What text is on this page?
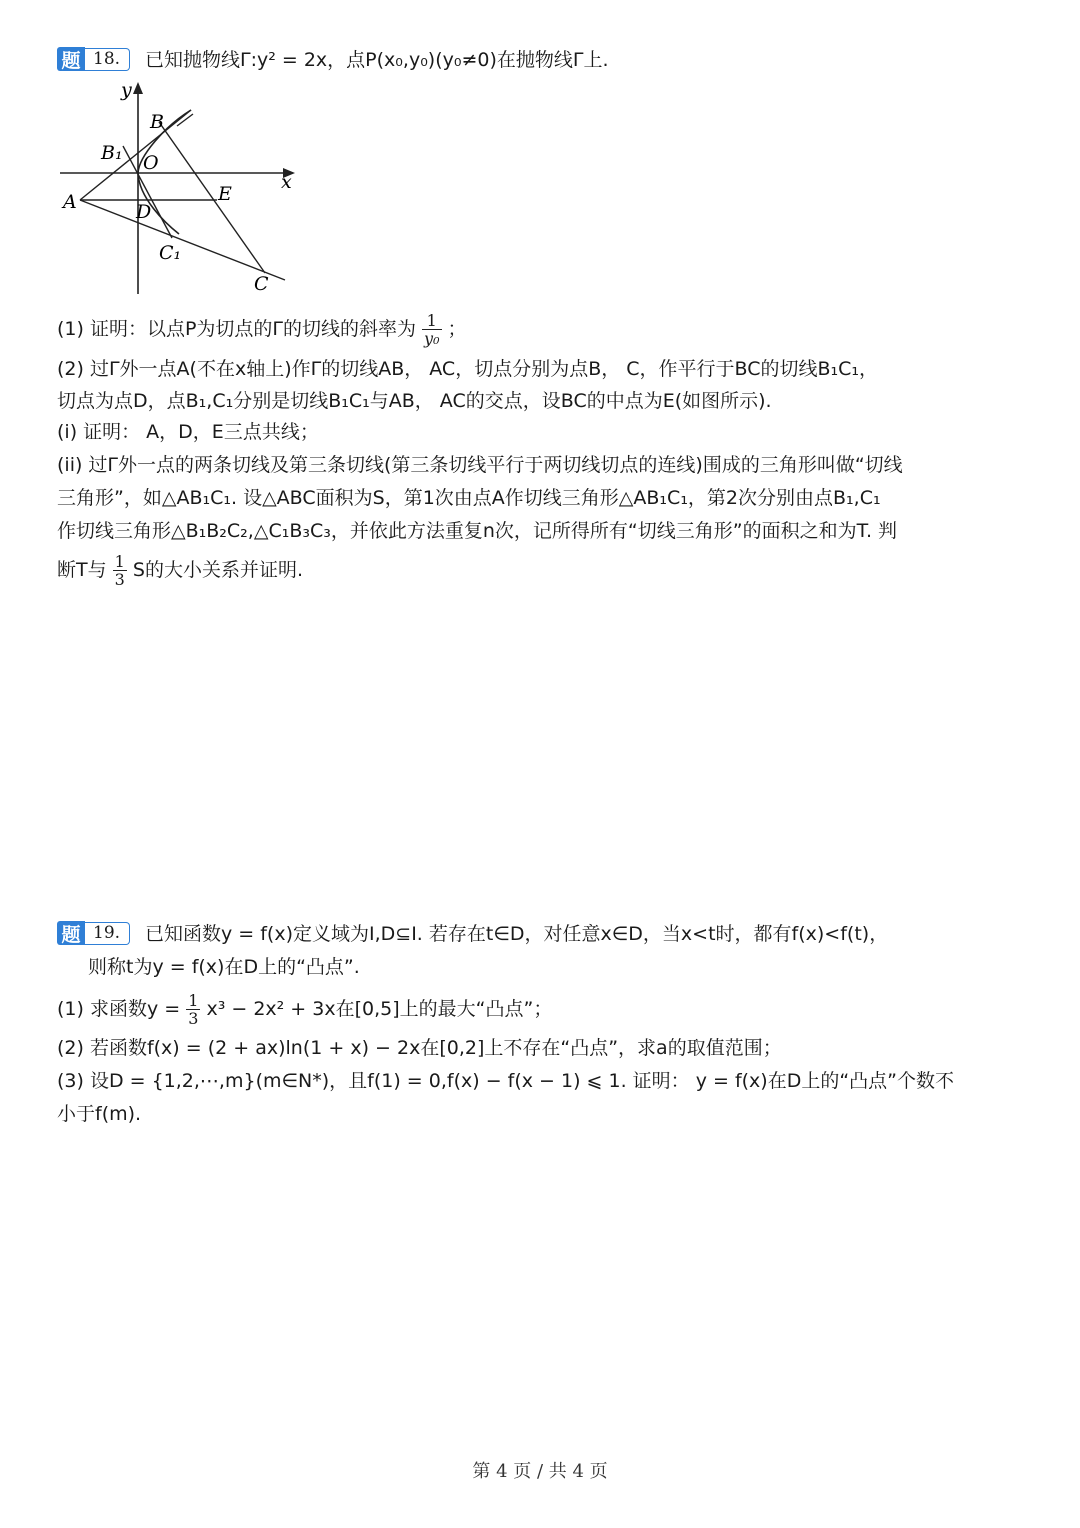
题 18.	已知抛物线Γ:y² = 2x，点P(x₀,y₀)(y₀≠0)在抛物线Γ上.
y
x
B
B₁ O
A	E
D
C₁
C
(1) 证明：以点P为切点的Γ的切线的斜率为 $\frac{1}{\text{y₀}}$ ；
(2) 过Γ外一点A(不在x轴上)作Γ的切线AB， AC，切点分别为点B， C，作平行于BC的切线B₁C₁，
切点为点D，点B₁,C₁分别是切线B₁C₁与AB， AC的交点，设BC的中点为E(如图所示).
(i) 证明： A，D，E三点共线；
(ii) 过Γ外一点的两条切线及第三条切线(第三条切线平行于两切线切点的连线)围成的三角形叫做“切线
三角形”，如△AB₁C₁. 设△ABC面积为S，第1次由点A作切线三角形△AB₁C₁，第2次分别由点B₁,C₁
作切线三角形△B₁B₂C₂,△C₁B₃C₃，并依此方法重复n次，记所得所有“切线三角形”的面积之和为T. 判
断T与 $\frac{1}{3}$ S的大小关系并证明.
题 19.	已知函数y = f(x)定义域为I,D⊆I. 若存在t∈D，对任意x∈D，当x<t时，都有f(x)<f(t)，
则称t为y = f(x)在D上的“凸点”.
(1) 求函数$y = \frac{1}{3} x^3 - 2x^2 + 3x$在[0,5]上的最大“凸点”；
(2) 若函数f(x) = (2 + ax)ln(1 + x) − 2x在[0,2]上不存在“凸点”，求a的取值范围；
(3) 设D = {1,2,⋯,m}(m∈N*)，且f(1) = 0,f(x) − f(x − 1) ⩽ 1. 证明： y = f(x)在D上的“凸点”个数不
小于f(m).
第 4 页 / 共 4 页
